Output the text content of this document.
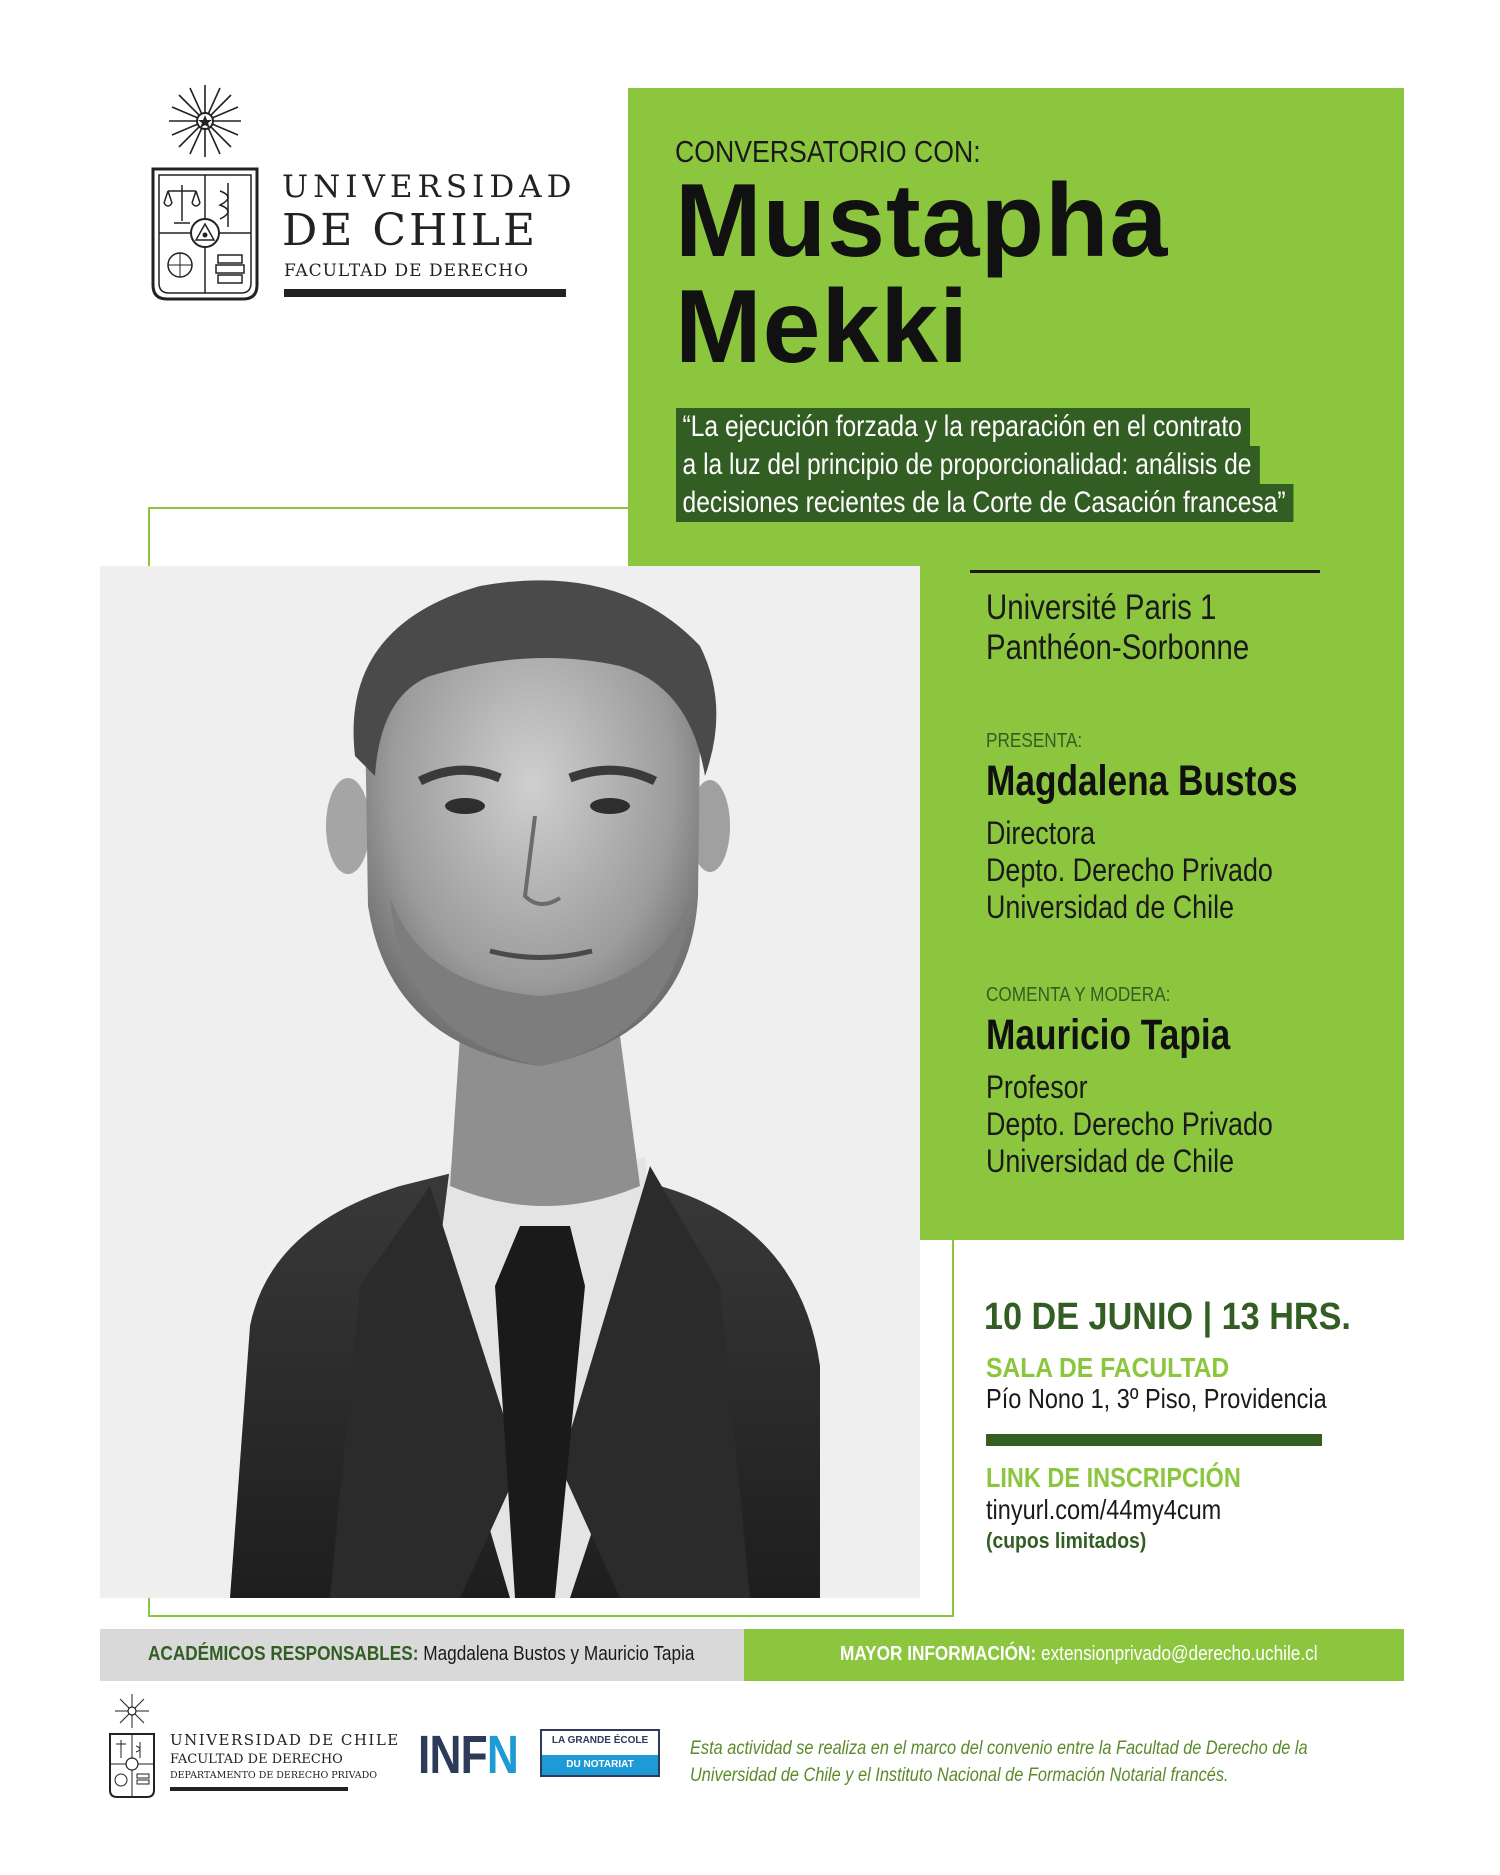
UNIVERSIDAD
DE CHILE
FACULTAD DE DERECHO
CONVERSATORIO CON:
Mustapha
Mekki
“La ejecución forzada y la reparación en el contrato
a la luz del principio de proporcionalidad: análisis de
decisiones recientes de la Corte de Casación francesa”
Université Paris 1
Panthéon-Sorbonne
PRESENTA:
Magdalena Bustos
Directora
Depto. Derecho Privado
Universidad de Chile
COMENTA Y MODERA:
Mauricio Tapia
Profesor
Depto. Derecho Privado
Universidad de Chile
10 DE JUNIO | 13 HRS.
SALA DE FACULTAD
Pío Nono 1, 3º Piso, Providencia
LINK DE INSCRIPCIÓN
tinyurl.com/44my4cum
(cupos limitados)
ACADÉMICOS RESPONSABLES: Magdalena Bustos y Mauricio Tapia	MAYOR INFORMACIÓN: extensionprivado@derecho.uchile.cl
UNIVERSIDAD DE CHILE
FACULTAD DE DERECHO
DEPARTAMENTO DE DERECHO PRIVADO INFN	LA GRANDE ÉCOLE
DU NOTARIAT
Esta actividad se realiza en el marco del convenio entre la Facultad de Derecho de la
Universidad de Chile y el Instituto Nacional de Formación Notarial francés.
